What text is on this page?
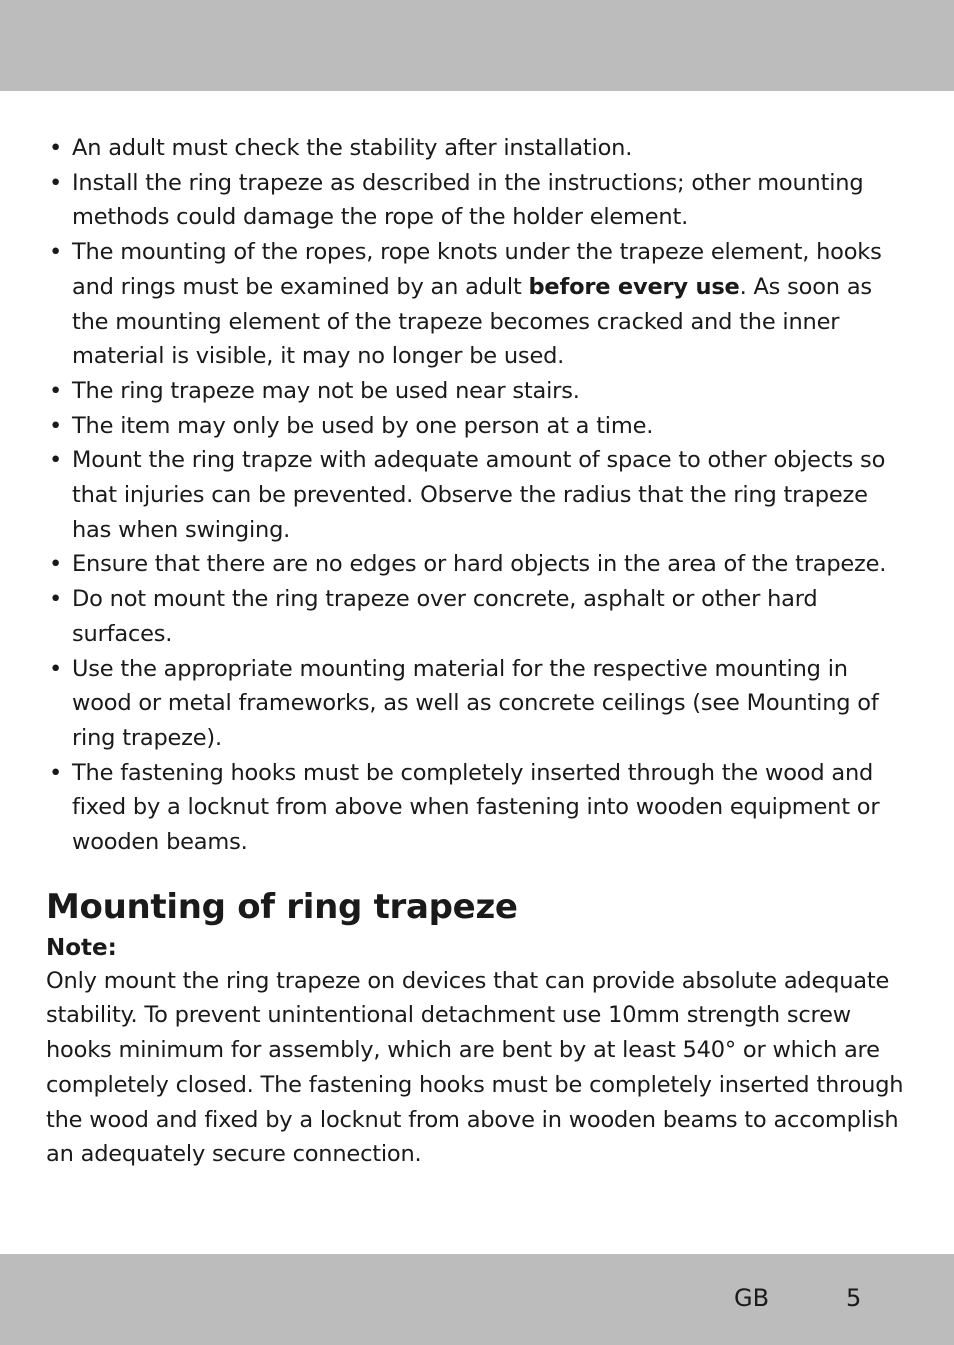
• An adult must check the stability after installation.
• Install the ring trapeze as described in the instructions; other mounting methods could damage the rope of the holder element.
• The mounting of the ropes, rope knots under the trapeze element, hooks and rings must be examined by an adult before every use. As soon as the mounting element of the trapeze becomes cracked and the inner material is visible, it may no longer be used.
• The ring trapeze may not be used near stairs.
• The item may only be used by one person at a time.
• Mount the ring trapze with adequate amount of space to other objects so that injuries can be prevented. Observe the radius that the ring trapeze has when swinging.
• Ensure that there are no edges or hard objects in the area of the trapeze.
• Do not mount the ring trapeze over concrete, asphalt or other hard surfaces.
• Use the appropriate mounting material for the respective mounting in wood or metal frameworks, as well as concrete ceilings (see Mounting of ring trapeze).
• The fastening hooks must be completely inserted through the wood and fixed by a locknut from above when fastening into wooden equipment or wooden beams.
Mounting of ring trapeze

Note:

Only mount the ring trapeze on devices that can provide absolute adequate stability. To prevent unintentional detachment use 10mm strength screw hooks minimum for assembly, which are bent by at least 540° or which are completely closed. The fastening hooks must be completely inserted through the wood and fixed by a locknut from above in wooden beams to accomplish an adequately secure connection.

GB	5
